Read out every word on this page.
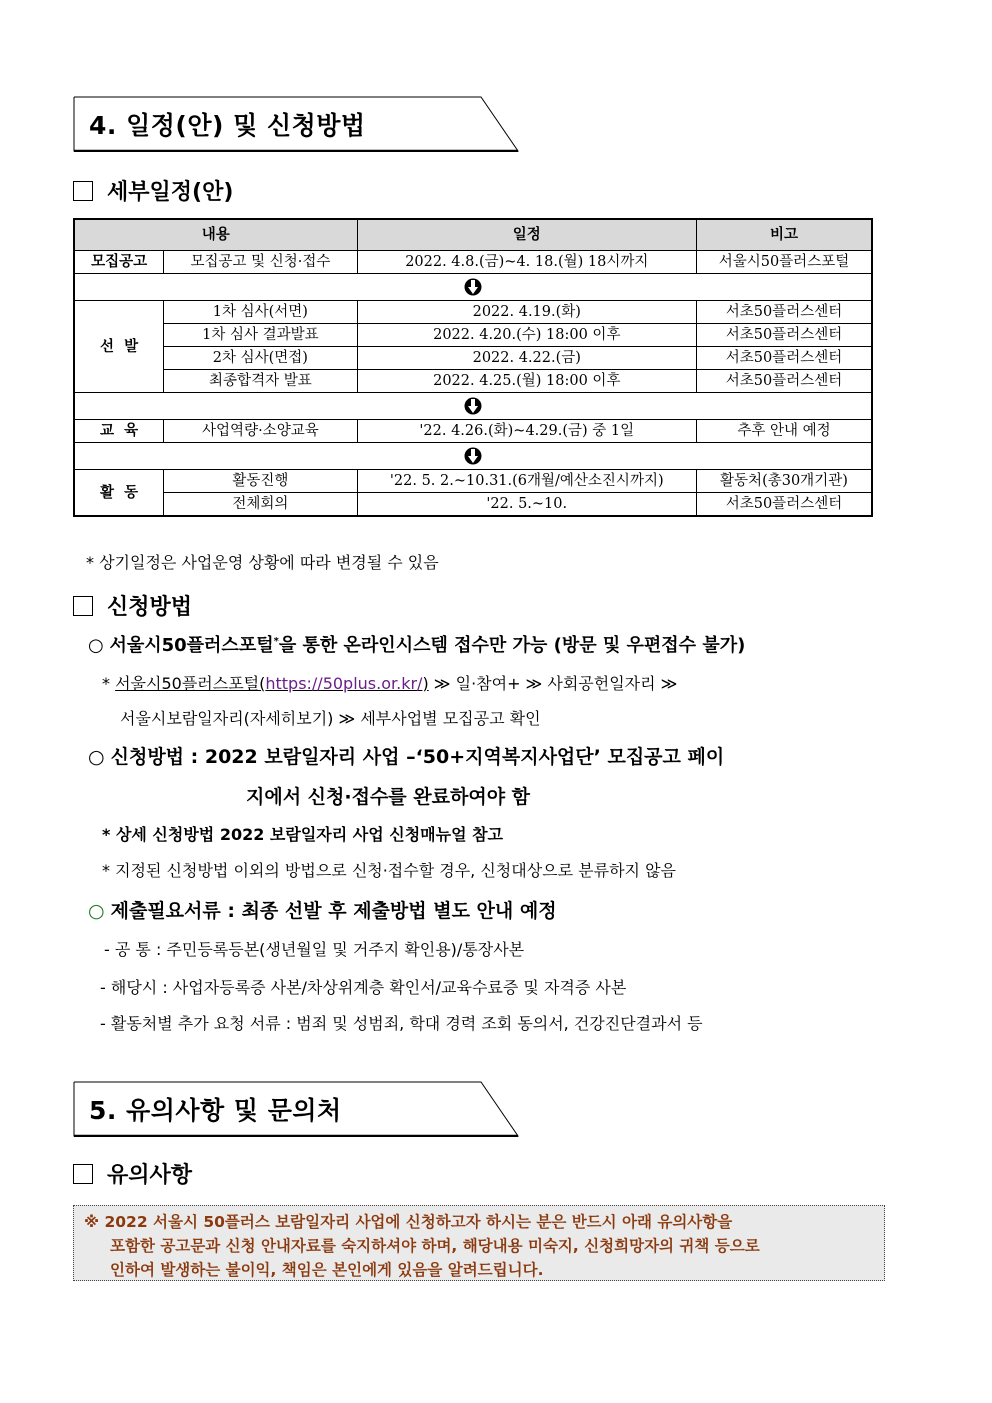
4. 일정(안) 및 신청방법
세부일정(안)
내용		일정	비고
모집공고	모집공고 및 신청·접수	2022. 4.8.(금)~4. 18.(월) 18시까지	서울시50플러스포털

선  발	1차 심사(서면)	2022. 4.19.(화)	서초50플러스센터
	1차 심사 결과발표	2022. 4.20.(수) 18:00 이후	서초50플러스센터
	2차 심사(면접)	2022. 4.22.(금)	서초50플러스센터
	최종합격자 발표	2022. 4.25.(월) 18:00 이후	서초50플러스센터

교  육	사업역량·소양교육	'22. 4.26.(화)~4.29.(금) 중 1일	추후 안내 예정

활  동	활동진행	'22. 5. 2.~10.31.(6개월/예산소진시까지)	활동처(총30개기관)
	전체회의	'22. 5.~10.	서초50플러스센터
* 상기일정은 사업운영 상황에 따라 변경될 수 있음
신청방법
○ 서울시50플러스포털*을 통한 온라인시스템 접수만 가능 (방문 및 우편접수 불가)
* 서울시50플러스포털(https://50plus.or.kr/) ≫ 일·참여+ ≫ 사회공헌일자리 ≫
서울시보람일자리(자세히보기) ≫ 세부사업별 모집공고 확인
○ 신청방법 : 2022 보람일자리 사업 –‘50+지역복지사업단’ 모집공고 페이
지에서 신청·접수를 완료하여야 함
* 상세 신청방법 2022 보람일자리 사업 신청매뉴얼 참고
* 지정된 신청방법 이외의 방법으로 신청·접수할 경우, 신청대상으로 분류하지 않음
○ 제출필요서류 : 최종 선발 후 제출방법 별도 안내 예정
- 공 통 : 주민등록등본(생년월일 및 거주지 확인용)/통장사본
- 해당시 : 사업자등록증 사본/차상위계층 확인서/교육수료증 및 자격증 사본
- 활동처별 추가 요청 서류 : 범죄 및 성범죄, 학대 경력 조회 동의서, 건강진단결과서 등
5. 유의사항 및 문의처
유의사항
※ 2022 서울시 50플러스 보람일자리 사업에 신청하고자 하시는 분은 반드시 아래 유의사항을
포함한 공고문과 신청 안내자료를 숙지하셔야 하며, 해당내용 미숙지, 신청희망자의 귀책 등으로
인하여 발생하는 불이익, 책임은 본인에게 있음을 알려드립니다.
